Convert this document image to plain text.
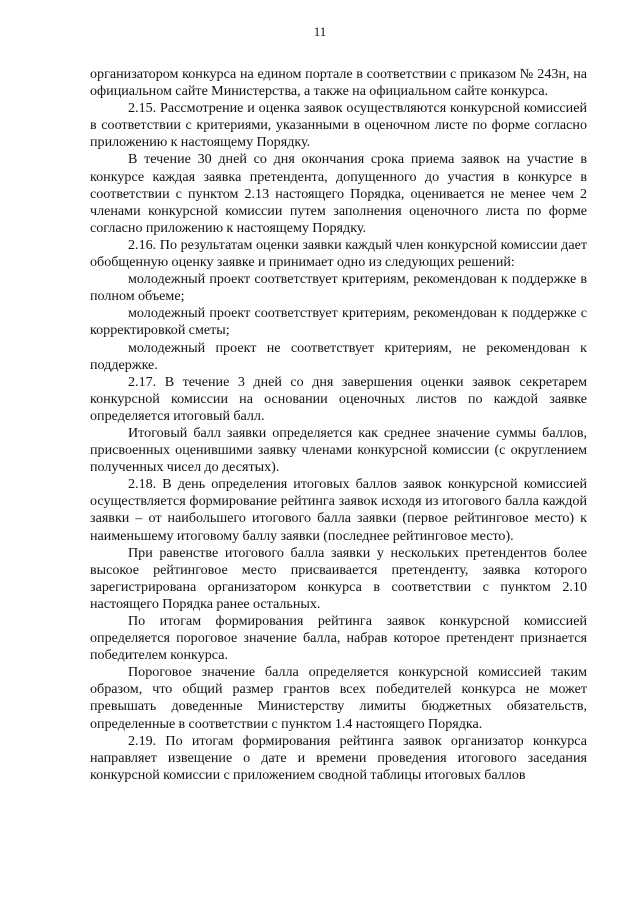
11

организатором конкурса на едином портале в соответствии с приказом № 243н, на официальном сайте Министерства, а также на официальном сайте конкурса.

2.15. Рассмотрение и оценка заявок осуществляются конкурсной комиссией в соответствии с критериями, указанными в оценочном листе по форме согласно приложению к настоящему Порядку.

В течение 30 дней со дня окончания срока приема заявок на участие в конкурсе каждая заявка претендента, допущенного до участия в конкурсе в соответствии с пунктом 2.13 настоящего Порядка, оценивается не менее чем 2 членами конкурсной комиссии путем заполнения оценочного листа по форме согласно приложению к настоящему Порядку.

2.16. По результатам оценки заявки каждый член конкурсной комиссии дает обобщенную оценку заявке и принимает одно из следующих решений:

молодежный проект соответствует критериям, рекомендован к поддержке в полном объеме;

молодежный проект соответствует критериям, рекомендован к поддержке с корректировкой сметы;

молодежный проект не соответствует критериям, не рекомендован к поддержке.

2.17. В течение 3 дней со дня завершения оценки заявок секретарем конкурсной комиссии на основании оценочных листов по каждой заявке определяется итоговый балл.

Итоговый балл заявки определяется как среднее значение суммы баллов, присвоенных оценившими заявку членами конкурсной комиссии (с округлением полученных чисел до десятых).

2.18. В день определения итоговых баллов заявок конкурсной комиссией осуществляется формирование рейтинга заявок исходя из итогового балла каждой заявки – от наибольшего итогового балла заявки (первое рейтинговое место) к наименьшему итоговому баллу заявки (последнее рейтинговое место).

При равенстве итогового балла заявки у нескольких претендентов более высокое рейтинговое место присваивается претенденту, заявка которого зарегистрирована организатором конкурса в соответствии с пунктом 2.10 настоящего Порядка ранее остальных.

По итогам формирования рейтинга заявок конкурсной комиссией определяется пороговое значение балла, набрав которое претендент признается победителем конкурса.

Пороговое значение балла определяется конкурсной комиссией таким образом, что общий размер грантов всех победителей конкурса не может превышать доведенные Министерству лимиты бюджетных обязательств, определенные в соответствии с пунктом 1.4 настоящего Порядка.

2.19. По итогам формирования рейтинга заявок организатор конкурса направляет извещение о дате и времени проведения итогового заседания конкурсной комиссии с приложением сводной таблицы итоговых баллов
